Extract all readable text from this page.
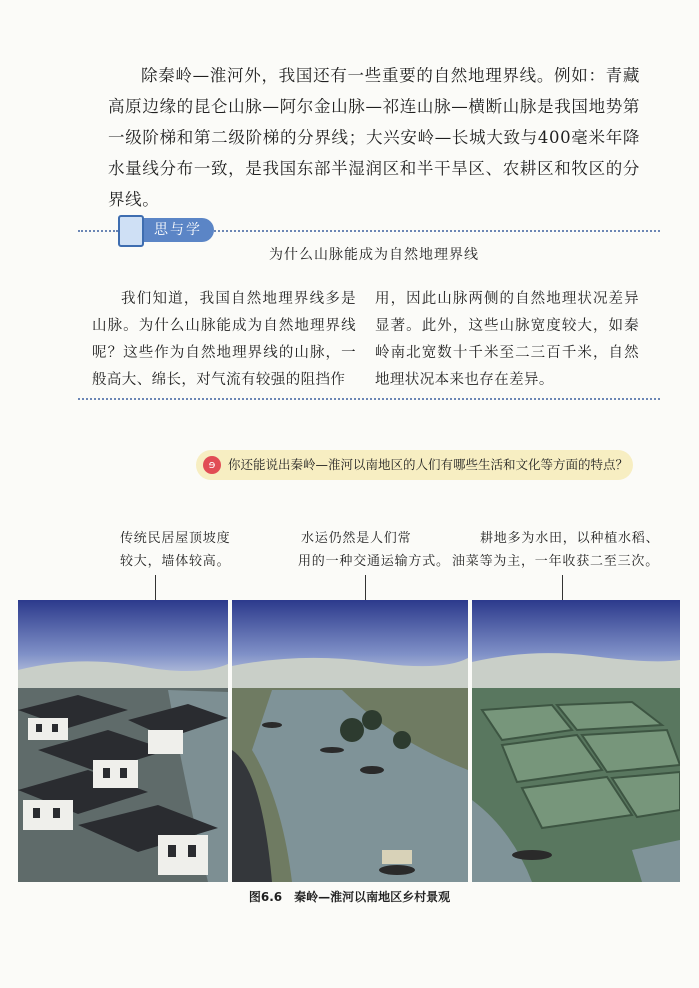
除秦岭—淮河外，我国还有一些重要的自然地理界线。例如：青藏高原边缘的昆仑山脉—阿尔金山脉—祁连山脉—横断山脉是我国地势第一级阶梯和第二级阶梯的分界线；大兴安岭—长城大致与400毫米年降水量线分布一致，是我国东部半湿润区和半干旱区、农耕区和牧区的分界线。

思与学
为什么山脉能成为自然地理界线

我们知道，我国自然地理界线多是山脉。为什么山脉能成为自然地理界线呢？这些作为自然地理界线的山脉，一般高大、绵长，对气流有较强的阻挡作

用，因此山脉两侧的自然地理状况差异显著。此外，这些山脉宽度较大，如秦岭南北宽数十千米至二三百千米，自然地理状况本来也存在差异。

ɘ	你还能说出秦岭—淮河以南地区的人们有哪些生活和文化等方面的特点？

传统民居屋顶坡度

较大，墙体较高。

水运仍然是人们常

用的一种交通运输方式。

耕地多为水田，以种植水稻、

油菜等为主，一年收获二至三次。

图6.6　秦岭—淮河以南地区乡村景观
